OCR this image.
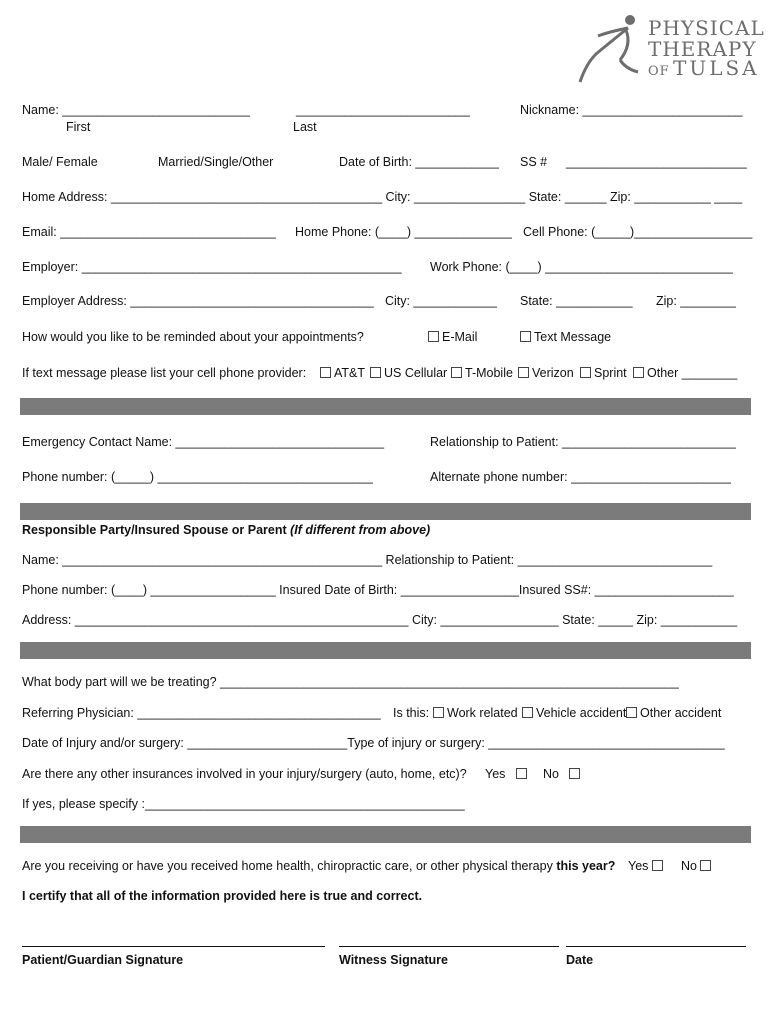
PHYSICAL
THERAPY
OF TULSA
Name: ___________________________
First
_________________________
Last
Nickname: _______________________
Male/ Female	Married/Single/Other	Date of Birth: ____________ SS # __________________________
Home Address: _______________________________________ City: ________________ State: ______ Zip: ___________ ____
Email: _______________________________ Home Phone: (____) ______________ Cell Phone: (_____)_________________
Employer: ______________________________________________ Work Phone: (____) ___________________________
Employer Address: ___________________________________ City: ____________ State: ___________ Zip: ________
How would you like to be reminded about your appointments?	E-Mail	Text Message
If text message please list your cell phone provider:	AT&T	US Cellular	T-Mobile	Verizon	Sprint	Other ________
Emergency Contact Name: ______________________________	Relationship to Patient: _________________________
Phone number: (_____) _______________________________	Alternate phone number: _______________________
Responsible Party/Insured Spouse or Parent (If different from above)
Name: ______________________________________________ Relationship to Patient: ____________________________
Phone number: (____) __________________ Insured Date of Birth: _________________Insured SS#: ____________________
Address: ________________________________________________ City: _________________ State: _____ Zip: ___________
What body part will we be treating? __________________________________________________________________
Referring Physician: ___________________________________ Is this:	Work related	Vehicle accident	Other accident
Date of Injury and/or surgery: _______________________Type of injury or surgery: __________________________________
Are there any other insurances involved in your injury/surgery (auto, home, etc)? Yes	No
If yes, please specify :______________________________________________
Are you receiving or have you received home health, chiropractic care, or other physical therapy this year? Yes	No
I certify that all of the information provided here is true and correct.
Patient/Guardian Signature	Witness Signature	Date
